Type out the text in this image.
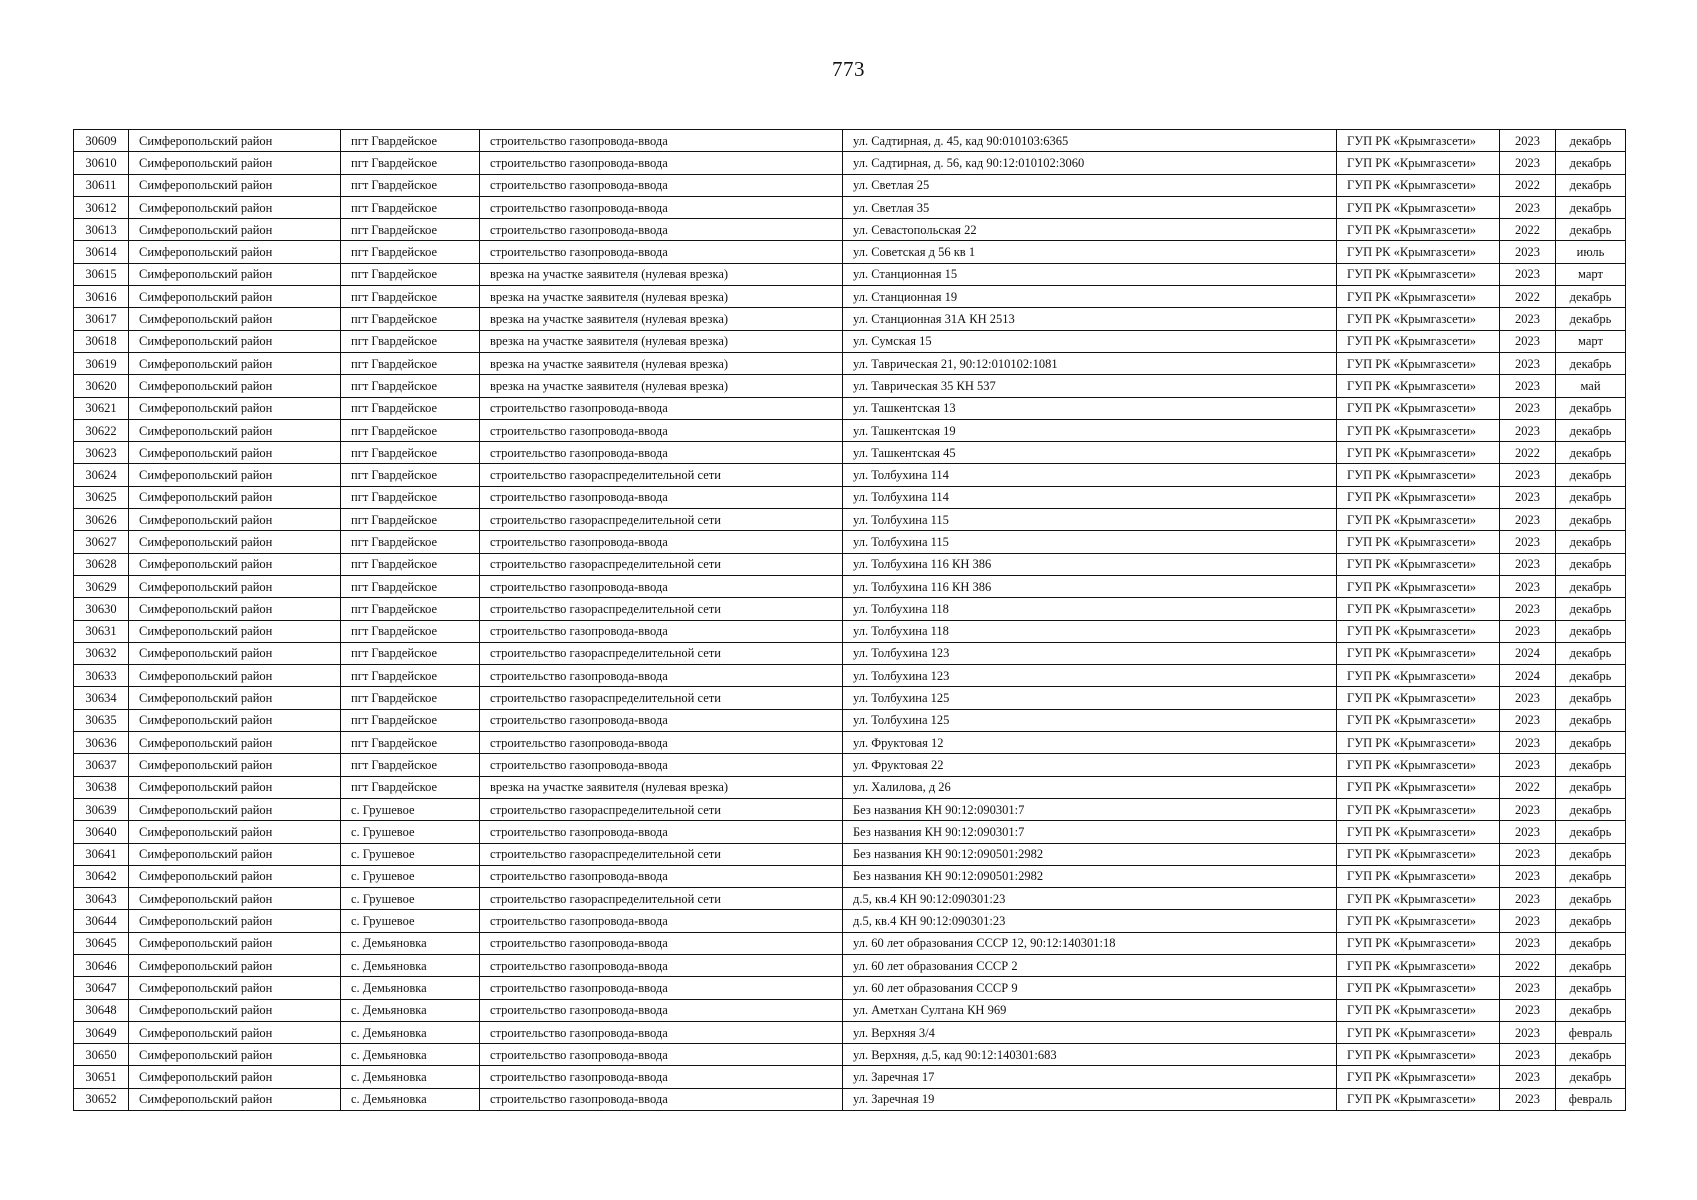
773
30609	Симферопольский район	пгт Гвардейское	строительство газопровода-ввода	ул. Садтирная, д. 45, кад 90:010103:6365	ГУП РК «Крымгазсети»	2023	декабрь
30610	Симферопольский район	пгт Гвардейское	строительство газопровода-ввода	ул. Садтирная, д. 56, кад 90:12:010102:3060	ГУП РК «Крымгазсети»	2023	декабрь
30611	Симферопольский район	пгт Гвардейское	строительство газопровода-ввода	ул. Светлая 25	ГУП РК «Крымгазсети»	2022	декабрь
30612	Симферопольский район	пгт Гвардейское	строительство газопровода-ввода	ул. Светлая 35	ГУП РК «Крымгазсети»	2023	декабрь
30613	Симферопольский район	пгт Гвардейское	строительство газопровода-ввода	ул. Севастопольская 22	ГУП РК «Крымгазсети»	2022	декабрь
30614	Симферопольский район	пгт Гвардейское	строительство газопровода-ввода	ул. Советская д 56 кв 1	ГУП РК «Крымгазсети»	2023	июль
30615	Симферопольский район	пгт Гвардейское	врезка на участке заявителя (нулевая врезка)	ул. Станционная 15	ГУП РК «Крымгазсети»	2023	март
30616	Симферопольский район	пгт Гвардейское	врезка на участке заявителя (нулевая врезка)	ул. Станционная 19	ГУП РК «Крымгазсети»	2022	декабрь
30617	Симферопольский район	пгт Гвардейское	врезка на участке заявителя (нулевая врезка)	ул. Станционная 31А КН 2513	ГУП РК «Крымгазсети»	2023	декабрь
30618	Симферопольский район	пгт Гвардейское	врезка на участке заявителя (нулевая врезка)	ул. Сумская 15	ГУП РК «Крымгазсети»	2023	март
30619	Симферопольский район	пгт Гвардейское	врезка на участке заявителя (нулевая врезка)	ул. Таврическая 21, 90:12:010102:1081	ГУП РК «Крымгазсети»	2023	декабрь
30620	Симферопольский район	пгт Гвардейское	врезка на участке заявителя (нулевая врезка)	ул. Таврическая 35 КН 537	ГУП РК «Крымгазсети»	2023	май
30621	Симферопольский район	пгт Гвардейское	строительство газопровода-ввода	ул. Ташкентская 13	ГУП РК «Крымгазсети»	2023	декабрь
30622	Симферопольский район	пгт Гвардейское	строительство газопровода-ввода	ул. Ташкентская 19	ГУП РК «Крымгазсети»	2023	декабрь
30623	Симферопольский район	пгт Гвардейское	строительство газопровода-ввода	ул. Ташкентская 45	ГУП РК «Крымгазсети»	2022	декабрь
30624	Симферопольский район	пгт Гвардейское	строительство газораспределительной сети	ул. Толбухина 114	ГУП РК «Крымгазсети»	2023	декабрь
30625	Симферопольский район	пгт Гвардейское	строительство газопровода-ввода	ул. Толбухина 114	ГУП РК «Крымгазсети»	2023	декабрь
30626	Симферопольский район	пгт Гвардейское	строительство газораспределительной сети	ул. Толбухина 115	ГУП РК «Крымгазсети»	2023	декабрь
30627	Симферопольский район	пгт Гвардейское	строительство газопровода-ввода	ул. Толбухина 115	ГУП РК «Крымгазсети»	2023	декабрь
30628	Симферопольский район	пгт Гвардейское	строительство газораспределительной сети	ул. Толбухина 116 КН 386	ГУП РК «Крымгазсети»	2023	декабрь
30629	Симферопольский район	пгт Гвардейское	строительство газопровода-ввода	ул. Толбухина 116 КН 386	ГУП РК «Крымгазсети»	2023	декабрь
30630	Симферопольский район	пгт Гвардейское	строительство газораспределительной сети	ул. Толбухина 118	ГУП РК «Крымгазсети»	2023	декабрь
30631	Симферопольский район	пгт Гвардейское	строительство газопровода-ввода	ул. Толбухина 118	ГУП РК «Крымгазсети»	2023	декабрь
30632	Симферопольский район	пгт Гвардейское	строительство газораспределительной сети	ул. Толбухина 123	ГУП РК «Крымгазсети»	2024	декабрь
30633	Симферопольский район	пгт Гвардейское	строительство газопровода-ввода	ул. Толбухина 123	ГУП РК «Крымгазсети»	2024	декабрь
30634	Симферопольский район	пгт Гвардейское	строительство газораспределительной сети	ул. Толбухина 125	ГУП РК «Крымгазсети»	2023	декабрь
30635	Симферопольский район	пгт Гвардейское	строительство газопровода-ввода	ул. Толбухина 125	ГУП РК «Крымгазсети»	2023	декабрь
30636	Симферопольский район	пгт Гвардейское	строительство газопровода-ввода	ул. Фруктовая 12	ГУП РК «Крымгазсети»	2023	декабрь
30637	Симферопольский район	пгт Гвардейское	строительство газопровода-ввода	ул. Фруктовая 22	ГУП РК «Крымгазсети»	2023	декабрь
30638	Симферопольский район	пгт Гвардейское	врезка на участке заявителя (нулевая врезка)	ул. Халилова, д 26	ГУП РК «Крымгазсети»	2022	декабрь
30639	Симферопольский район	с. Грушевое	строительство газораспределительной сети	Без названия КН 90:12:090301:7	ГУП РК «Крымгазсети»	2023	декабрь
30640	Симферопольский район	с. Грушевое	строительство газопровода-ввода	Без названия КН 90:12:090301:7	ГУП РК «Крымгазсети»	2023	декабрь
30641	Симферопольский район	с. Грушевое	строительство газораспределительной сети	Без названия КН 90:12:090501:2982	ГУП РК «Крымгазсети»	2023	декабрь
30642	Симферопольский район	с. Грушевое	строительство газопровода-ввода	Без названия КН 90:12:090501:2982	ГУП РК «Крымгазсети»	2023	декабрь
30643	Симферопольский район	с. Грушевое	строительство газораспределительной сети	д.5, кв.4 КН 90:12:090301:23	ГУП РК «Крымгазсети»	2023	декабрь
30644	Симферопольский район	с. Грушевое	строительство газопровода-ввода	д.5, кв.4 КН 90:12:090301:23	ГУП РК «Крымгазсети»	2023	декабрь
30645	Симферопольский район	с. Демьяновка	строительство газопровода-ввода	ул. 60 лет образования СССР 12, 90:12:140301:18	ГУП РК «Крымгазсети»	2023	декабрь
30646	Симферопольский район	с. Демьяновка	строительство газопровода-ввода	ул. 60 лет образования СССР 2	ГУП РК «Крымгазсети»	2022	декабрь
30647	Симферопольский район	с. Демьяновка	строительство газопровода-ввода	ул. 60 лет образования СССР 9	ГУП РК «Крымгазсети»	2023	декабрь
30648	Симферопольский район	с. Демьяновка	строительство газопровода-ввода	ул. Аметхан Султана КН 969	ГУП РК «Крымгазсети»	2023	декабрь
30649	Симферопольский район	с. Демьяновка	строительство газопровода-ввода	ул. Верхняя 3/4	ГУП РК «Крымгазсети»	2023	февраль
30650	Симферопольский район	с. Демьяновка	строительство газопровода-ввода	ул. Верхняя, д.5, кад 90:12:140301:683	ГУП РК «Крымгазсети»	2023	декабрь
30651	Симферопольский район	с. Демьяновка	строительство газопровода-ввода	ул. Заречная 17	ГУП РК «Крымгазсети»	2023	декабрь
30652	Симферопольский район	с. Демьяновка	строительство газопровода-ввода	ул. Заречная 19	ГУП РК «Крымгазсети»	2023	февраль
